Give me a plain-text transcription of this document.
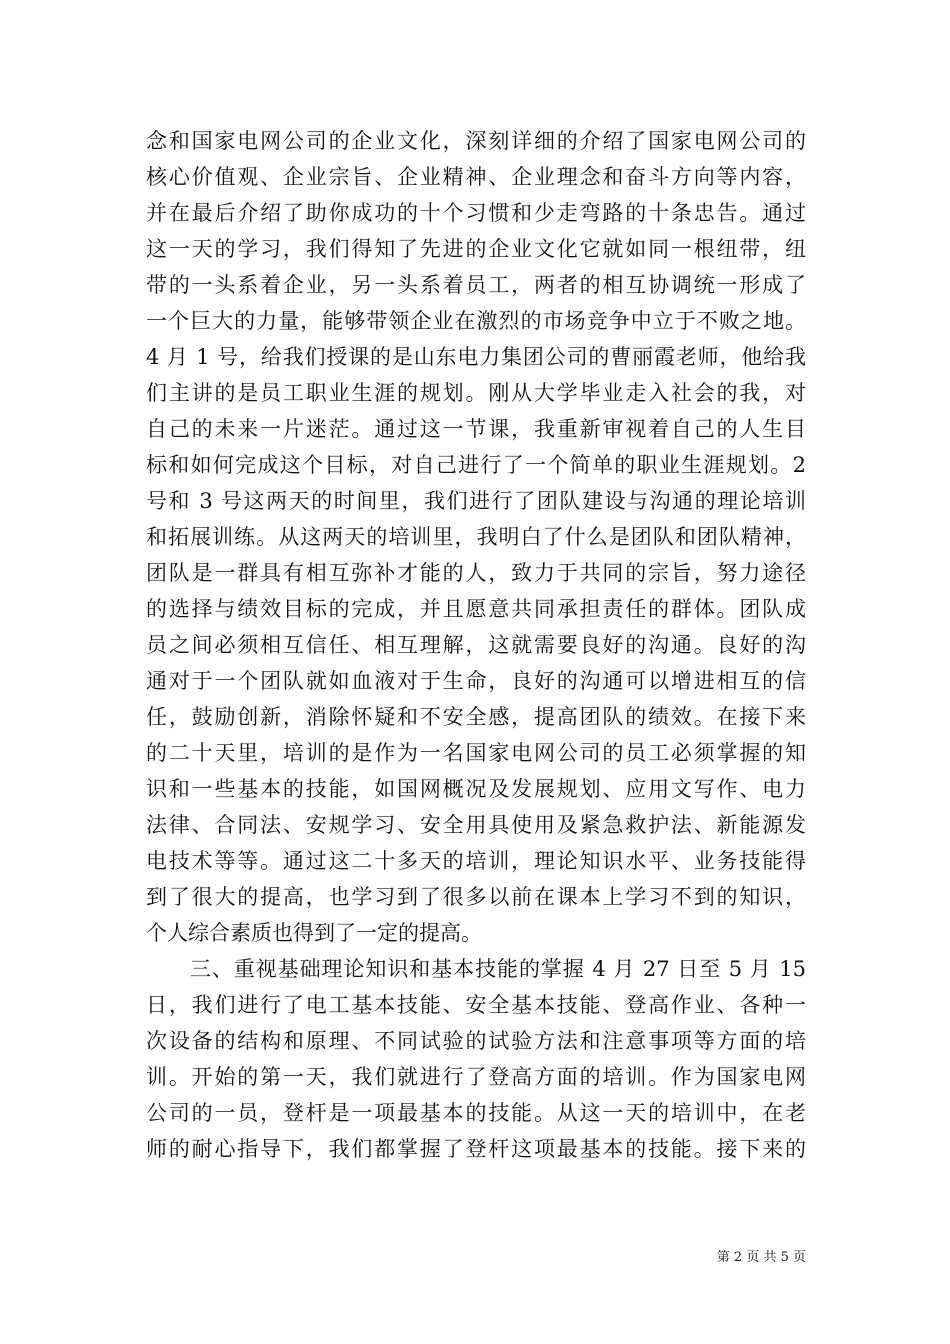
念和国家电网公司的企业文化，深刻详细的介绍了国家电网公司的
核心价值观、企业宗旨、企业精神、企业理念和奋斗方向等内容，
并在最后介绍了助你成功的十个习惯和少走弯路的十条忠告。通过
这一天的学习，我们得知了先进的企业文化它就如同一根纽带，纽
带的一头系着企业，另一头系着员工，两者的相互协调统一形成了
一个巨大的力量，能够带领企业在激烈的市场竞争中立于不败之地。
4 月 1 号，给我们授课的是山东电力集团公司的曹丽霞老师，他给我
们主讲的是员工职业生涯的规划。刚从大学毕业走入社会的我，对
自己的未来一片迷茫。通过这一节课，我重新审视着自己的人生目
标和如何完成这个目标，对自己进行了一个简单的职业生涯规划。2
号和 3 号这两天的时间里，我们进行了团队建设与沟通的理论培训
和拓展训练。从这两天的培训里，我明白了什么是团队和团队精神，
团队是一群具有相互弥补才能的人，致力于共同的宗旨，努力途径
的选择与绩效目标的完成，并且愿意共同承担责任的群体。团队成
员之间必须相互信任、相互理解，这就需要良好的沟通。良好的沟
通对于一个团队就如血液对于生命，良好的沟通可以增进相互的信
任，鼓励创新，消除怀疑和不安全感，提高团队的绩效。在接下来
的二十天里，培训的是作为一名国家电网公司的员工必须掌握的知
识和一些基本的技能，如国网概况及发展规划、应用文写作、电力
法律、合同法、安规学习、安全用具使用及紧急救护法、新能源发
电技术等等。通过这二十多天的培训，理论知识水平、业务技能得
到了很大的提高，也学习到了很多以前在课本上学习不到的知识，
个人综合素质也得到了一定的提高。
　　三、重视基础理论知识和基本技能的掌握 4 月 27 日至 5 月 15
日，我们进行了电工基本技能、安全基本技能、登高作业、各种一
次设备的结构和原理、不同试验的试验方法和注意事项等方面的培
训。开始的第一天，我们就进行了登高方面的培训。作为国家电网
公司的一员，登杆是一项最基本的技能。从这一天的培训中，在老
师的耐心指导下，我们都掌握了登杆这项最基本的技能。接下来的
第 2 页 共 5 页
